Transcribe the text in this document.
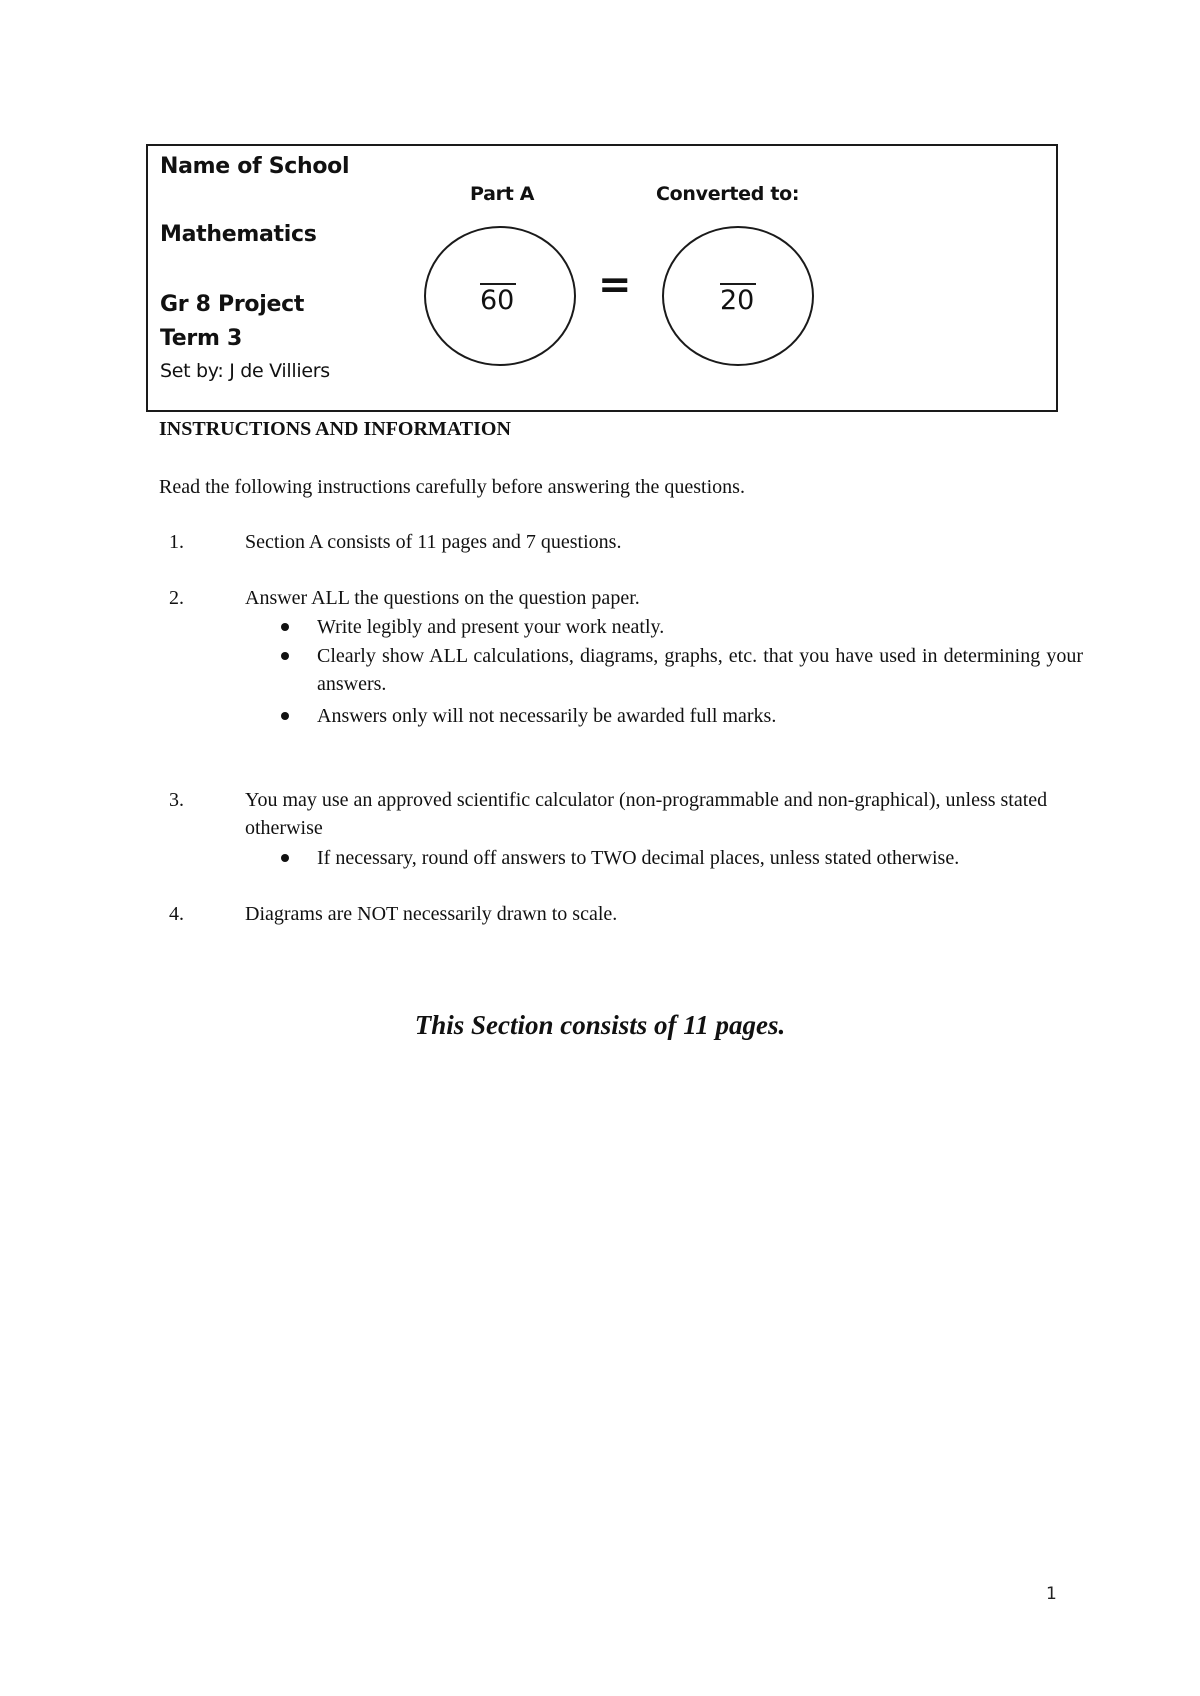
Name of School
Mathematics
Gr 8 Project
Term 3
Set by: J de Villiers
Part A	Converted to:
60 =	20
INSTRUCTIONS AND INFORMATION
Read the following instructions carefully before answering the questions.
1.	Section A consists of 11 pages and 7 questions.
2.	Answer ALL the questions on the question paper.
Write legibly and present your work neatly.
Clearly show ALL calculations, diagrams, graphs, etc. that you have used in determining your answers.
Answers only will not necessarily be awarded full marks.
3.	You may use an approved scientific calculator (non-programmable and non-graphical), unless stated otherwise
If necessary, round off answers to TWO decimal places, unless stated otherwise.
4.	Diagrams are NOT necessarily drawn to scale.
This Section consists of 11 pages.
1
